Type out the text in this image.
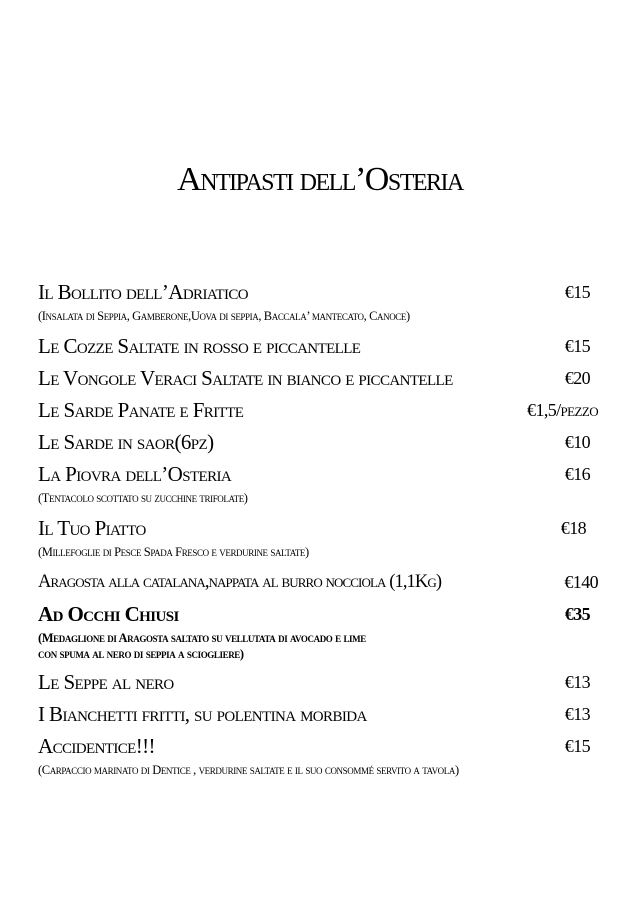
Antipasti dell’Osteria
Il Bollito dell’Adriatico	€15
(Insalata di Seppia, Gamberone,Uova di seppia, Baccala’ mantecato, Canoce)
Le Cozze Saltate in rosso e piccantelle	€15
Le Vongole Veraci Saltate in bianco e piccantelle	€20
Le Sarde Panate e Fritte	€1,5/pezzo
Le Sarde in saor(6pz)	€10
La Piovra dell’Osteria	€16
(Tentacolo scottato su zucchine trifolate)
Il Tuo Piatto	€18
(Millefoglie di Pesce Spada Fresco e verdurine saltate)
Aragosta alla catalana,nappata al burro nocciola (1,1Kg)	€140
Ad Occhi Chiusi	€35
(Medaglione di Aragosta saltato su vellutata di avocado e lime
con spuma al nero di seppia a sciogliere)
Le Seppe al nero	€13
I Bianchetti fritti, su polentina morbida	€13
Accidentice!!!	€15
(Carpaccio marinato di Dentice , verdurine saltate e il suo consommé servito a tavola)
